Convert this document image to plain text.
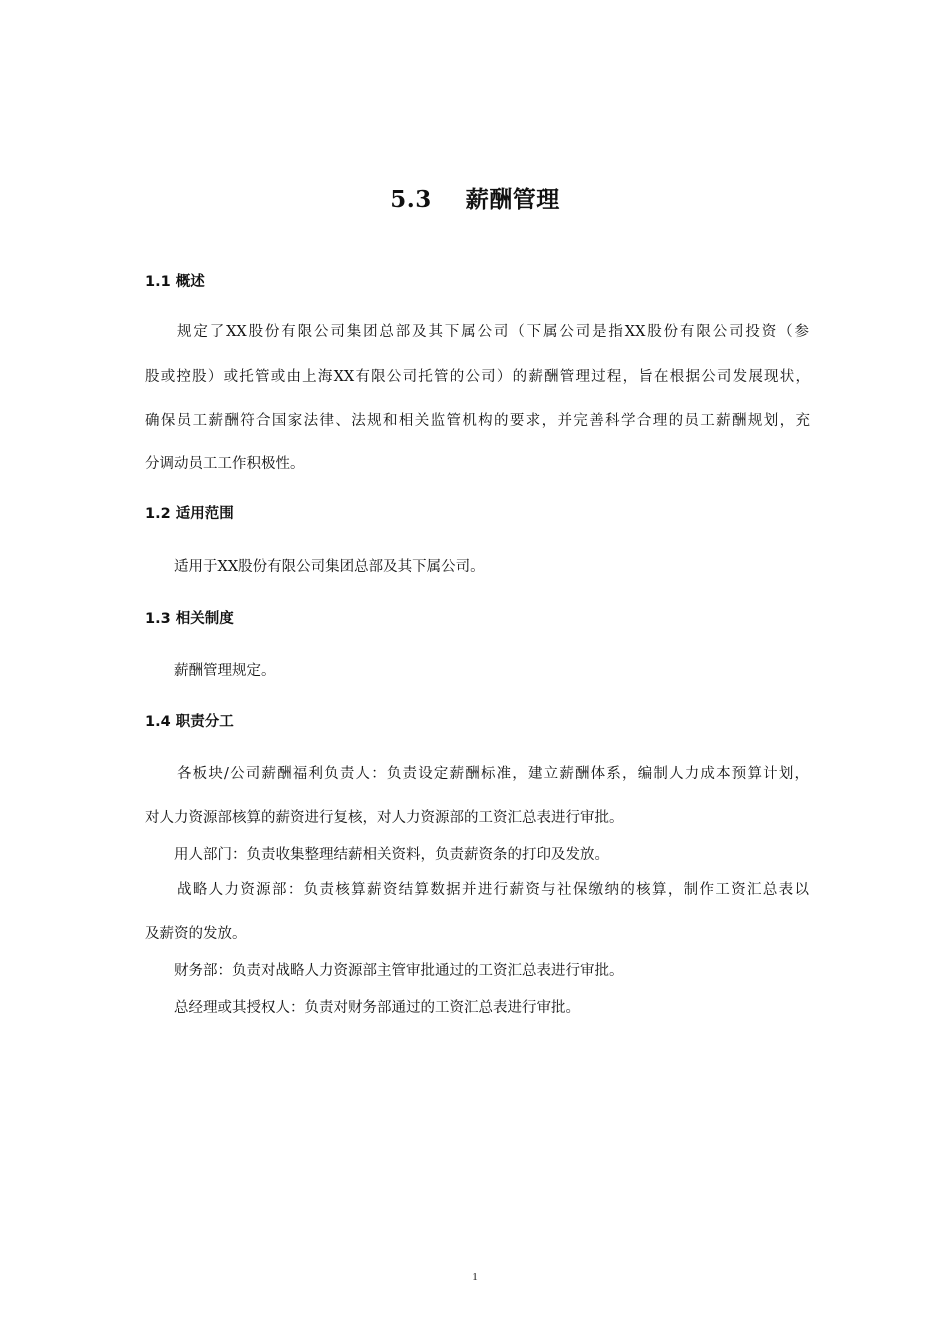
5.3 薪酬管理
1.1 概述

规定了XX股份有限公司集团总部及其下属公司（下属公司是指XX股份有限公司投资（参

股或控股）或托管或由上海XX有限公司托管的公司）的薪酬管理过程，旨在根据公司发展现状，

确保员工薪酬符合国家法律、法规和相关监管机构的要求，并完善科学合理的员工薪酬规划，充

分调动员工工作积极性。

1.2 适用范围

适用于XX股份有限公司集团总部及其下属公司。

1.3 相关制度

薪酬管理规定。

1.4 职责分工

各板块/公司薪酬福利负责人：负责设定薪酬标准，建立薪酬体系，编制人力成本预算计划，

对人力资源部核算的薪资进行复核，对人力资源部的工资汇总表进行审批。

用人部门：负责收集整理结薪相关资料，负责薪资条的打印及发放。

战略人力资源部：负责核算薪资结算数据并进行薪资与社保缴纳的核算，制作工资汇总表以

及薪资的发放。

财务部：负责对战略人力资源部主管审批通过的工资汇总表进行审批。

总经理或其授权人：负责对财务部通过的工资汇总表进行审批。

1
